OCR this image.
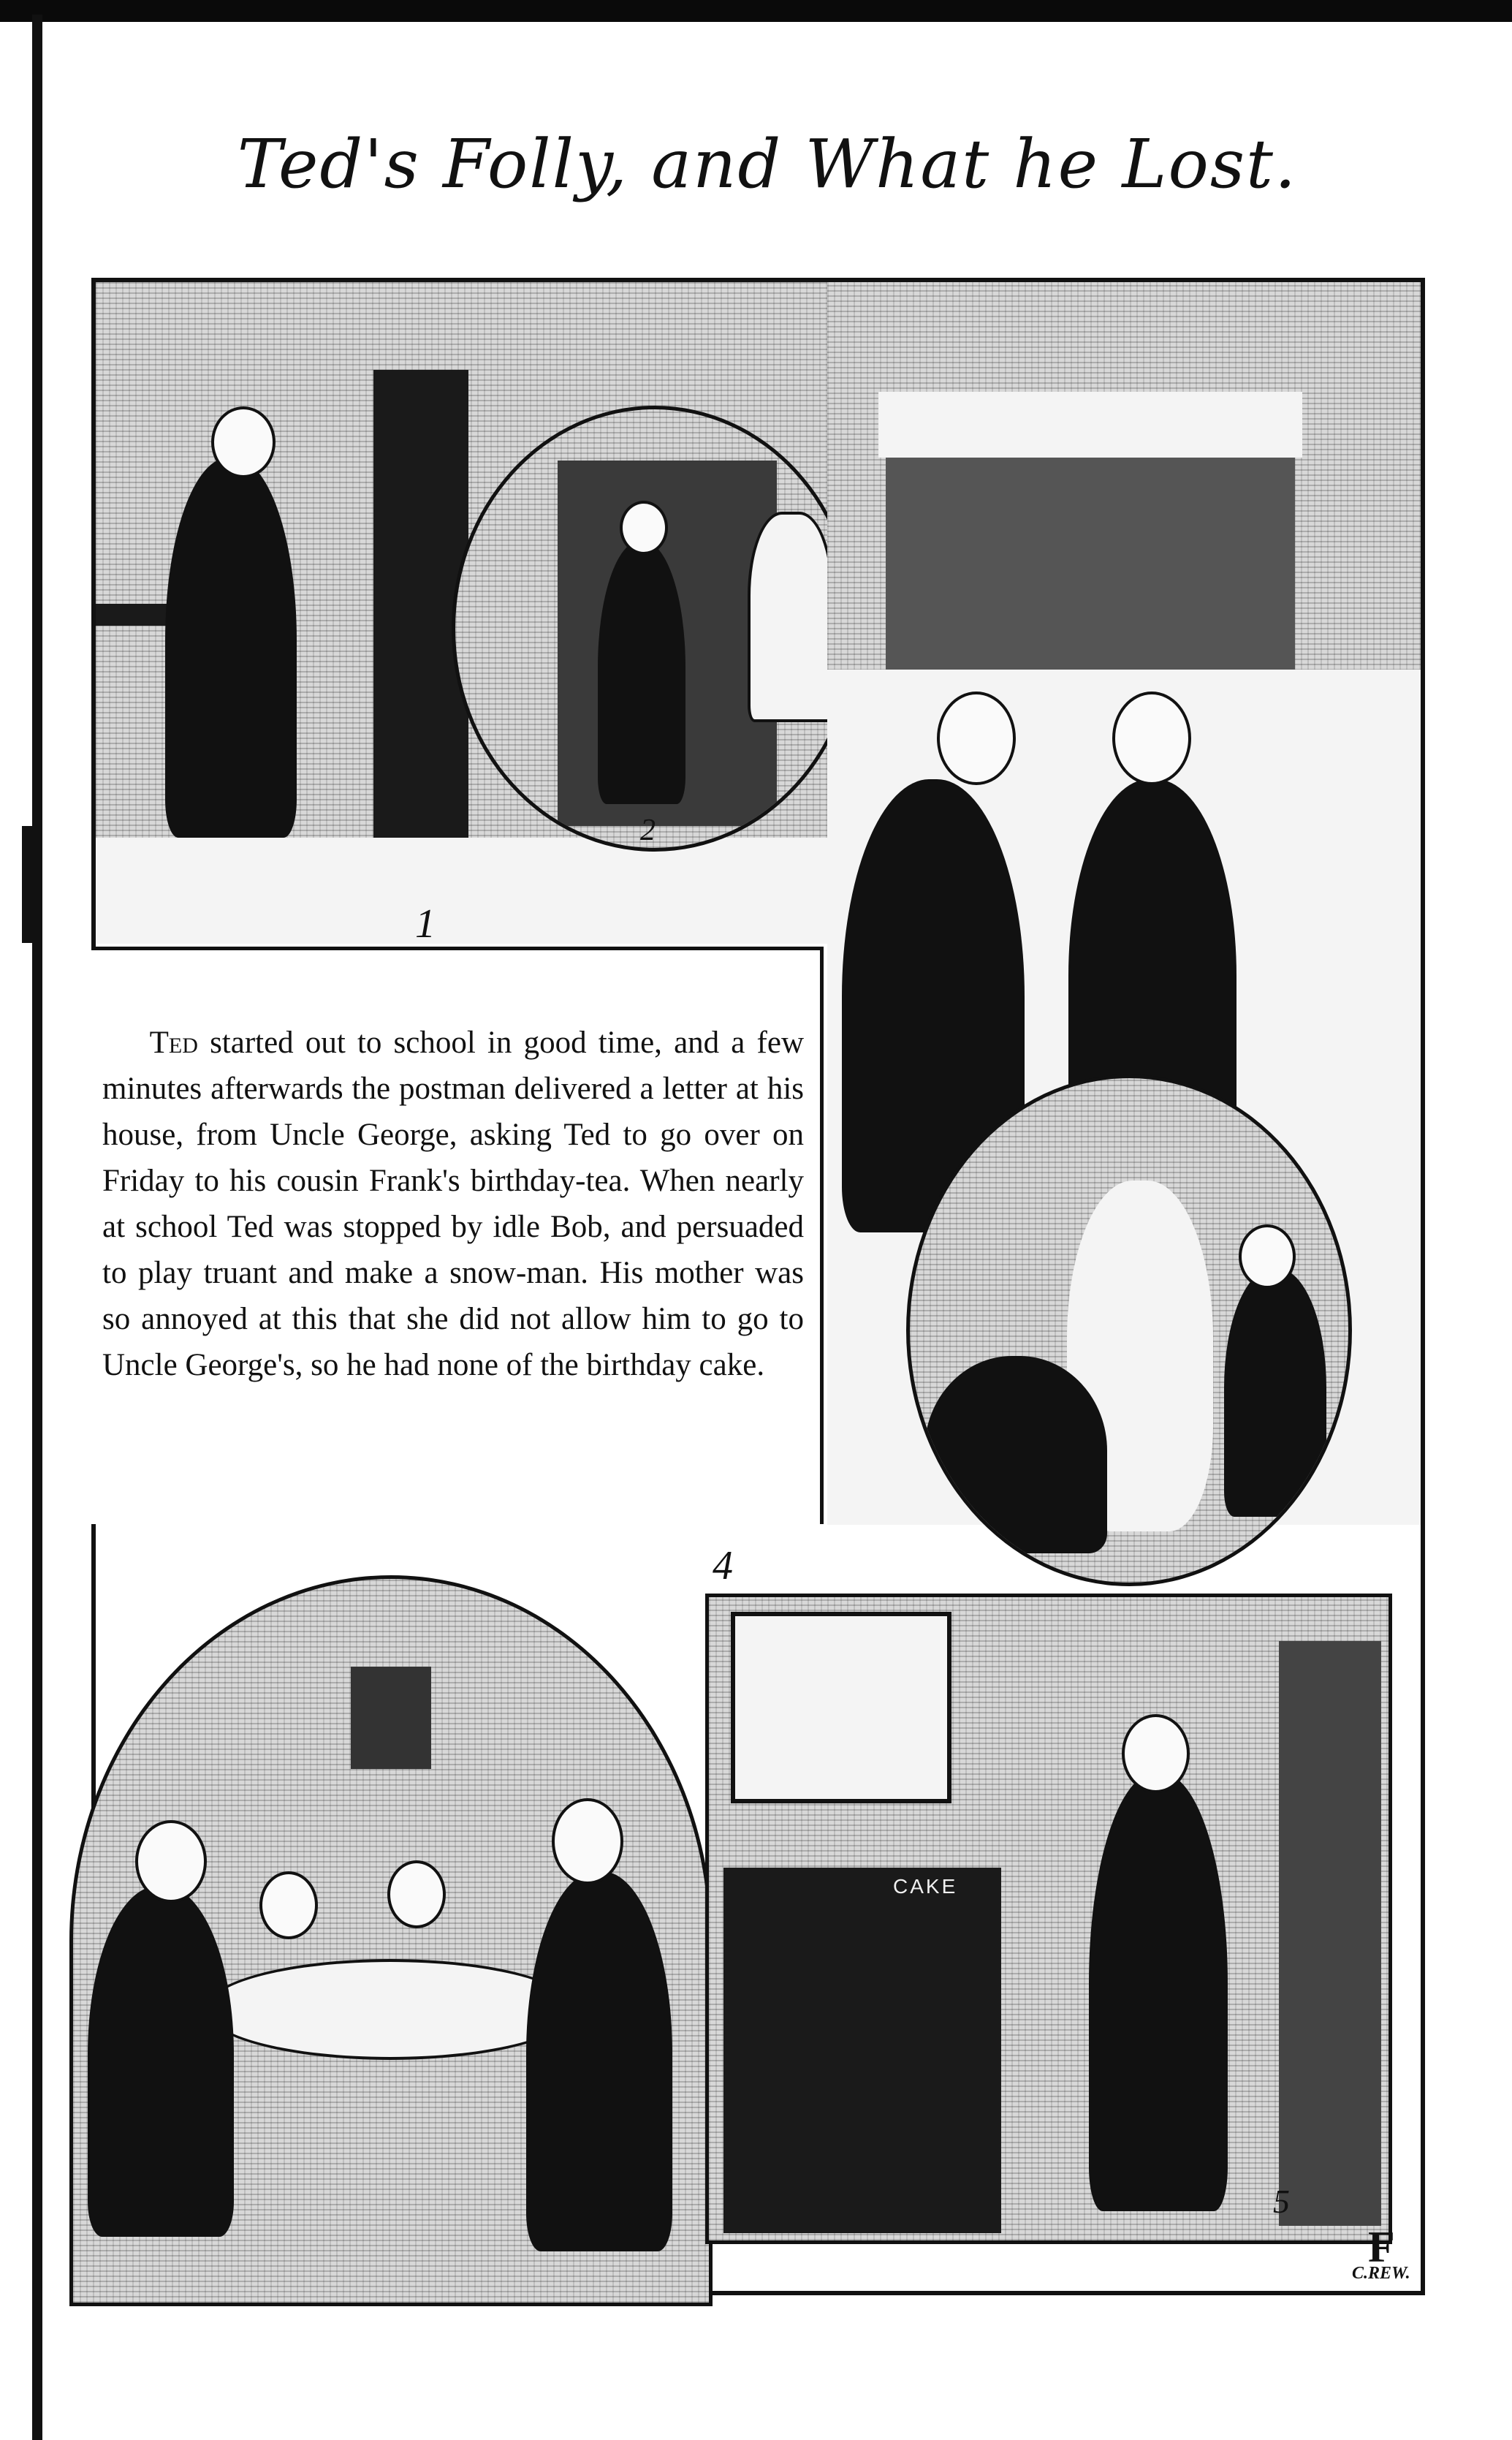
Ted's Folly, and What he Lost.
1
2
Ted started out to school in good time, and a few minutes afterwards the postman delivered a letter at his house, from Uncle George, asking Ted to go over on Friday to his cousin Frank's birthday-tea. When nearly at school Ted was stopped by idle Bob, and persuaded to play truant and make a snow-man. His mother was so annoyed at this that she did not allow him to go to Uncle George's, so he had none of the birthday cake.
4
CAKE
5
F
C.REW.
